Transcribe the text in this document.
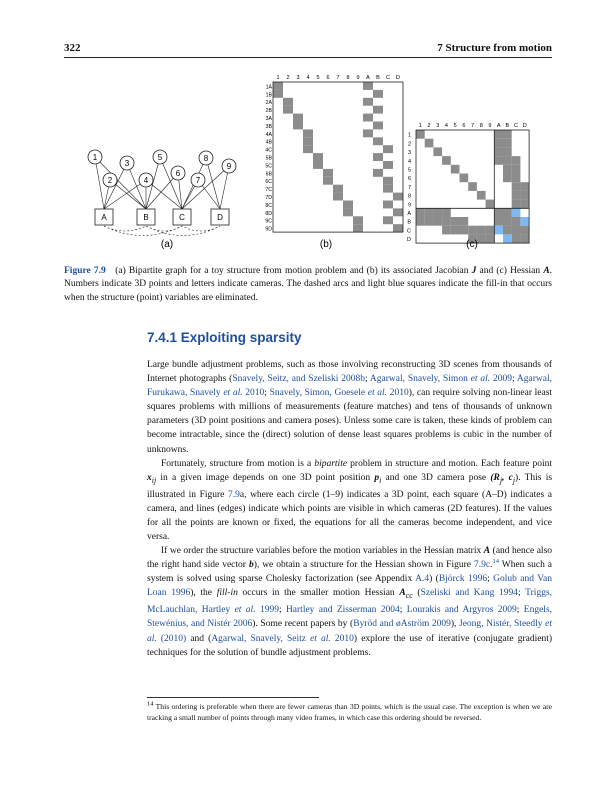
322	7 Structure from motion
1
2
3
4
5
6
7
8
9
A	B	C	D
1 2 3 4 5 6 7 8 9 A B C D
1A
1B
2A
2B
3A
3B
4A
4B
4C
5B
5C
6B
6C
7C
7D
8C
8D
9C
9D
1 2 3 4 5 6 7 8 9 A B C D
1
2
3
4
5
6
7
8
9
A
B
C
D
(a)	(b)	(c)
Figure 7.9 (a) Bipartite graph for a toy structure from motion problem and (b) its associated Jacobian J and (c) Hessian A. Numbers indicate 3D points and letters indicate cameras. The dashed arcs and light blue squares indicate the fill-in that occurs when the structure (point) variables are eliminated.
7.4.1 Exploiting sparsity

Large bundle adjustment problems, such as those involving reconstructing 3D scenes from thousands of Internet photographs (Snavely, Seitz, and Szeliski 2008b; Agarwal, Snavely, Simon et al. 2009; Agarwal, Furukawa, Snavely et al. 2010; Snavely, Simon, Goesele et al. 2010), can require solving non-linear least squares problems with millions of measurements (feature matches) and tens of thousands of unknown parameters (3D point positions and camera poses). Unless some care is taken, these kinds of problem can become intractable, since the (direct) solution of dense least squares problems is cubic in the number of unknowns.

Fortunately, structure from motion is a bipartite problem in structure and motion. Each feature point $x_{ij}$ in a given image depends on one 3D point position $p_i$ and one 3D camera pose ($R_j$, $c_j$). This is illustrated in Figure 7.9a, where each circle (1–9) indicates a 3D point, each square (A–D) indicates a camera, and lines (edges) indicate which points are visible in which cameras (2D features). If the values for all the points are known or fixed, the equations for all the cameras become independent, and vice versa.

If we order the structure variables before the motion variables in the Hessian matrix A (and hence also the right hand side vector b), we obtain a structure for the Hessian shown in Figure 7.9c.$^{14}$ When such a system is solved using sparse Cholesky factorization (see Appendix A.4) (Björck 1996; Golub and Van Loan 1996), the fill-in occurs in the smaller motion Hessian $A_{cc}$ (Szeliski and Kang 1994; Triggs, McLauchlan, Hartley et al. 1999; Hartley and Zisserman 2004; Lourakis and Argyros 2009; Engels, Stewénius, and Nistér 2006). Some recent papers by (Byröd and øAström 2009), Jeong, Nistér, Steedly et al. (2010) and (Agarwal, Snavely, Seitz et al. 2010) explore the use of iterative (conjugate gradient) techniques for the solution of bundle adjustment problems.

$^{14}$ This ordering is preferable when there are fewer cameras than 3D points, which is the usual case. The exception is when we are tracking a small number of points through many video frames, in which case this ordering should be reversed.
